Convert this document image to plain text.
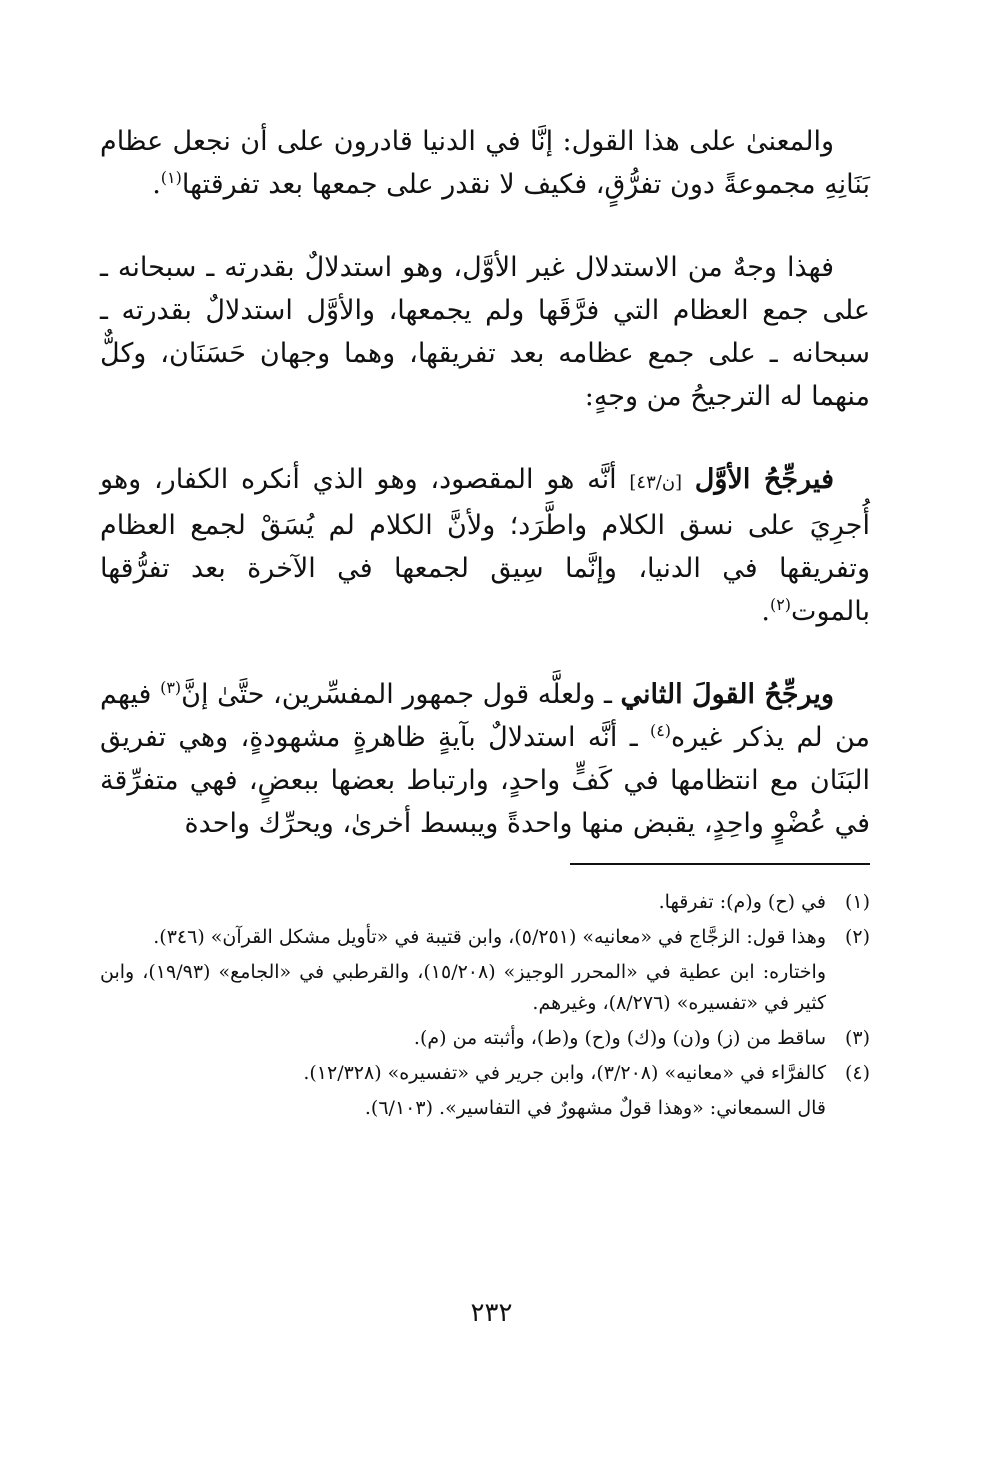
والمعنىٰ على هذا القول: إنَّا في الدنيا قادرون على أن نجعل عظام بَنَانِهِ مجموعةً دون تفرُّقٍ، فكيف لا نقدر على جمعها بعد تفرقتها$^{(١)}$.

فهذا وجهٌ من الاستدلال غير الأوَّل، وهو استدلالٌ بقدرته ـ سبحانه ـ على جمع العظام التي فرَّقَها ولم يجمعها، والأوَّل استدلالٌ بقدرته ـ سبحانه ـ على جمع عظامه بعد تفريقها، وهما وجهان حَسَنَان، وكلٌّ منهما له الترجيحُ من وجهٍ:

فيرجِّحُ الأوَّل [ن/٤٣] أنَّه هو المقصود، وهو الذي أنكره الكفار، وهو أُجرِيَ على نسق الكلام واطَّرَد؛ ولأنَّ الكلام لم يُسَقْ لجمع العظام وتفريقها في الدنيا، وإنَّما سِيق لجمعها في الآخرة بعد تفرُّقها بالموت$^{(٢)}$.

ويرجِّحُ القولَ الثاني ـ ولعلَّه قول جمهور المفسِّرين، حتَّىٰ إنَّ$^{(٣)}$ فيهم من لم يذكر غيره$^{(٤)}$ ـ أنَّه استدلالٌ بآيةٍ ظاهرةٍ مشهودةٍ، وهي تفريق البَنَان مع انتظامها في كَفٍّ واحدٍ، وارتباط بعضها ببعضٍ، فهي متفرِّقة في عُضْوٍ واحِدٍ، يقبض منها واحدةً ويبسط أخرىٰ، ويحرِّك واحدة

(١)
في (ح) و(م): تفرقها.
(٢)
وهذا قول: الزجَّاج في «معانيه» (٥/٢٥١)، وابن قتيبة في «تأويل مشكل القرآن» (٣٤٦).
واختاره: ابن عطية في «المحرر الوجيز» (١٥/٢٠٨)، والقرطبي في «الجامع» (١٩/٩٣)، وابن كثير في «تفسيره» (٨/٢٧٦)، وغيرهم.
(٣)
ساقط من (ز) و(ن) و(ك) و(ح) و(ط)، وأثبته من (م).
(٤)
كالفرَّاء في «معانيه» (٣/٢٠٨)، وابن جرير في «تفسيره» (١٢/٣٢٨).
قال السمعاني: «وهذا قولٌ مشهورٌ في التفاسير». (٦/١٠٣).
٢٣٢
